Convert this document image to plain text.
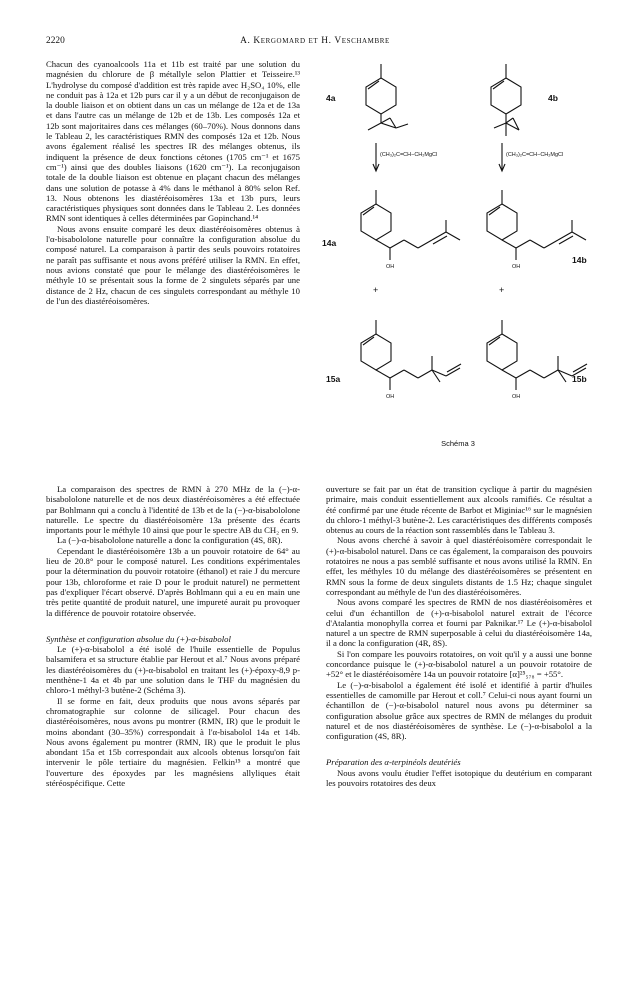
2220	A. Kergomard et H. Veschambre

Chacun des cyanoalcools 11a et 11b est traité par une solution du magnésien du chlorure de β métallyle selon Plattier et Teisseire.¹³ L'hydrolyse du composé d'addition est très rapide avec H₂SO₄ 10%, elle ne conduit pas à 12a et 12b purs car il y a un début de reconjugaison de la double liaison et on obtient dans un cas un mélange de 12a et de 13a et dans l'autre cas un mélange de 12b et de 13b. Les composés 12a et 12b sont majoritaires dans ces mélanges (60–70%). Nous donnons dans le Tableau 2, les caractéristiques RMN des composés 12a et 12b. Nous avons également réalisé les spectres IR des mélanges obtenus, ils indiquent la présence de deux fonctions cétones (1705 cm⁻¹ et 1675 cm⁻¹) ainsi que des doubles liaisons (1620 cm⁻¹). La reconjugaison totale de la double liaison est obtenue en plaçant chacun des mélanges dans une solution de potasse à 4% dans le méthanol à 80% selon Ref. 13. Nous obtenons les diastéréoisomères 13a et 13b purs, leurs caractéristiques physiques sont données dans le Tableau 2. Les données RMN sont identiques à celles déterminées par Gopinchand.¹⁴

Nous avons ensuite comparé les deux diastéréoisomères obtenus à l'α-bisabololone naturelle pour connaître la configuration absolue du composé naturel. La comparaison à partir des seuls pouvoirs rotatoires ne paraît pas suffisante et nous avons préféré utiliser la RMN. En effet, nous avions constaté que pour le mélange des diastéréoisomères le méthyle 10 se présentait sous la forme de 2 singulets séparés par une distance de 2 Hz, chacun de ces singulets correspondant au méthyle 10 de l'un des diastéréoisomères.

4a	4b
14a
14b
15a	15b
(CH₃)₂C=CH−CH₂MgCl	(CH₃)₂C=CH−CH₂MgCl
OH	OH
OH	OH
+	+
Schéma 3

La comparaison des spectres de RMN à 270 MHz de la (−)-α-bisabololone naturelle et de nos deux diastéréoisomères a été effectuée par Bohlmann qui a conclu à l'identité de 13b et de la (−)-α-bisabololone naturelle. Le spectre du diastéréoisomère 13a présente des écarts importants pour le méthyle 10 ainsi que pour le spectre AB du CH₂ en 9.

La (−)-α-bisabololone naturelle a donc la configuration (4S, 8R).

Cependant le diastéréoisomère 13b a un pouvoir rotatoire de 64° au lieu de 20.8° pour le composé naturel. Les conditions expérimentales pour la détermination du pouvoir rotatoire (éthanol) et raie J du mercure pour 13b, chloroforme et raie D pour le produit naturel) ne permettent pas d'expliquer l'écart observé. D'après Bohlmann qui a eu en main une très petite quantité de produit naturel, une impureté aurait pu provoquer la différence de pouvoir rotatoire observée.

Synthèse et configuration absolue du (+)-α-bisabolol

Le (+)-α-bisabolol a été isolé de l'huile essentielle de Populus balsamifera et sa structure établie par Herout et al.⁷ Nous avons préparé les diastéréoisomères du (+)-α-bisabolol en traitant les (+)-époxy-8,9 p-menthène-1 4a et 4b par une solution dans le THF du magnésien du chloro-1 méthyl-3 butène-2 (Schéma 3).

Il se forme en fait, deux produits que nous avons séparés par chromatographie sur colonne de silicagel. Pour chacun des diastéréoisomères, nous avons pu montrer (RMN, IR) que le produit le moins abondant (30–35%) correspondait à l'α-bisabolol 14a et 14b. Nous avons également pu montrer (RMN, IR) que le produit le plus abondant 15a et 15b correspondait aux alcools obtenus lorsqu'on fait intervenir le pôle tertiaire du magnésien. Felkin¹⁵ a montré que l'ouverture des époxydes par les magnésiens allyliques était stéréospécifique. Cette

ouverture se fait par un état de transition cyclique à partir du magnésien primaire, mais conduit essentiellement aux alcools ramifiés. Ce résultat a été confirmé par une étude récente de Barbot et Miginiac¹⁶ sur le magnésien du chloro-1 méthyl-3 butène-2. Les caractéristiques des différents composés obtenus au cours de la réaction sont rassemblés dans le Tableau 3.

Nous avons cherché à savoir à quel diastéréoisomère correspondait le (+)-α-bisabolol naturel. Dans ce cas également, la comparaison des pouvoirs rotatoires ne nous a pas semblé suffisante et nous avons utilisé la RMN. En effet, les méthyles 10 du mélange des diastéréoisomères se présentent en RMN sous la forme de deux singulets distants de 1.5 Hz; chaque singulet correspondant au méthyle de l'un des diastéréoisomères.

Nous avons comparé les spectres de RMN de nos diastéréoisomères et celui d'un échantillon de (+)-α-bisabolol naturel extrait de l'écorce d'Atalantia monophylla correa et fourni par Paknikar.¹⁷ Le (+)-α-bisabolol naturel a un spectre de RMN superposable à celui du diastéréoisomère 14a, il a donc la configuration (4R, 8S).

Si l'on compare les pouvoirs rotatoires, on voit qu'il y a aussi une bonne concordance puisque le (+)-α-bisabolol naturel a un pouvoir rotatoire de +52° et le diastéréoisomère 14a un pouvoir rotatoire [α]²⁵₅₇₈ = +55°.

Le (−)-α-bisabolol a également été isolé et identifié à partir d'huiles essentielles de camomille par Herout et coll.⁷ Celui-ci nous ayant fourni un échantillon de (−)-α-bisabolol naturel nous avons pu déterminer sa configuration absolue grâce aux spectres de RMN de mélanges du produit naturel et de nos diastéréoisomères de synthèse. Le (−)-α-bisabolol a la configuration (4S, 8R).

Préparation des α-terpinéols deutériés

Nous avons voulu étudier l'effet isotopique du deutérium en comparant les pouvoirs rotatoires des deux
